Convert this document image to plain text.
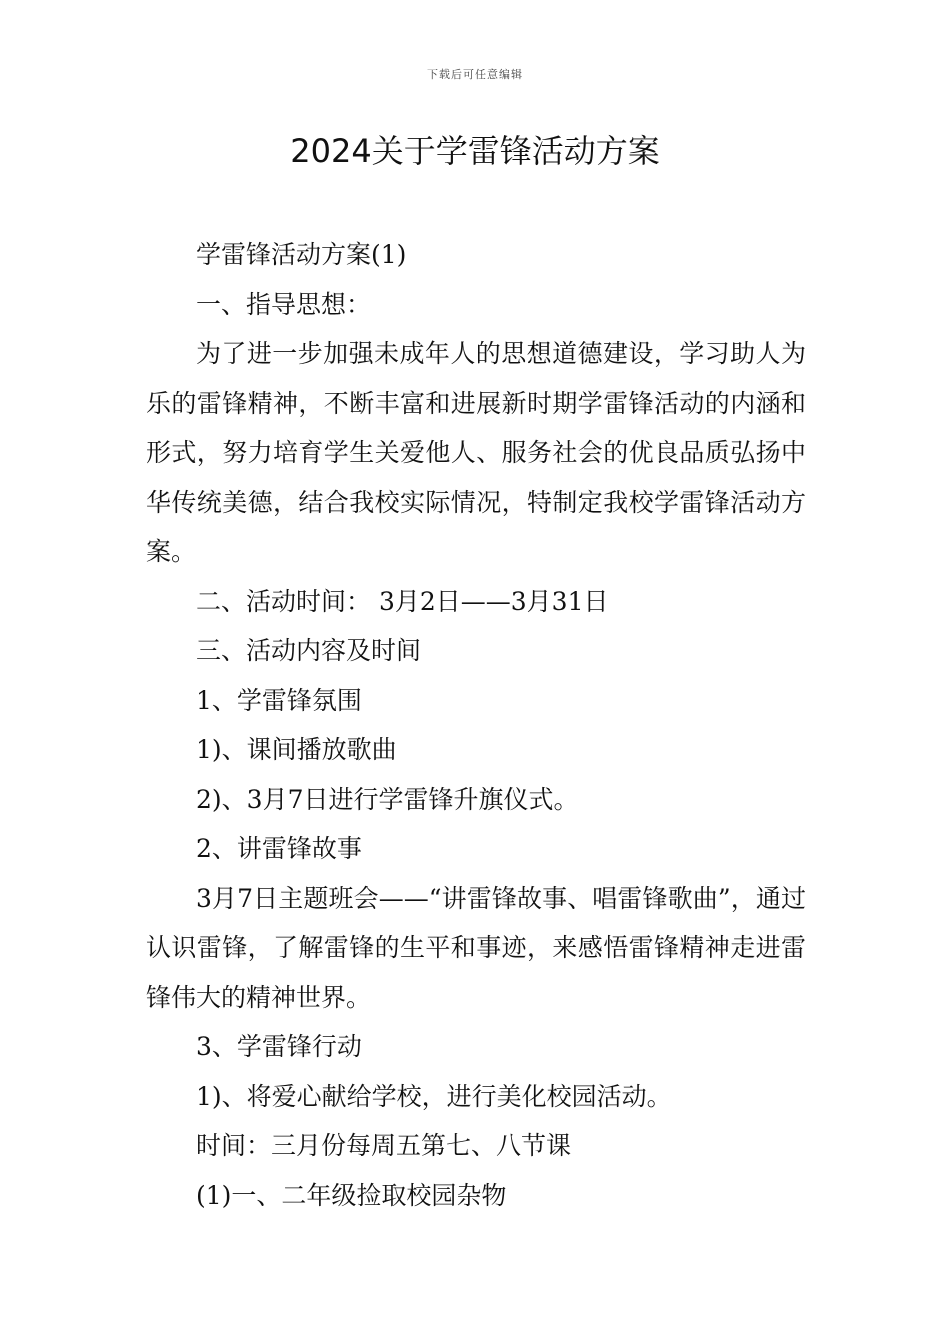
下载后可任意编辑
2024关于学雷锋活动方案

学雷锋活动方案(1)

一、指导思想：

为了进一步加强未成年人的思想道德建设，学习助人为乐的雷锋精神，不断丰富和进展新时期学雷锋活动的内涵和形式，努力培育学生关爱他人、服务社会的优良品质弘扬中华传统美德，结合我校实际情况，特制定我校学雷锋活动方案。

二、活动时间： 3月2日——3月31日

三、活动内容及时间

1、学雷锋氛围

1)、课间播放歌曲

2)、3月7日进行学雷锋升旗仪式。

2、讲雷锋故事

3月7日主题班会——“讲雷锋故事、唱雷锋歌曲”，通过认识雷锋，了解雷锋的生平和事迹，来感悟雷锋精神走进雷锋伟大的精神世界。

3、学雷锋行动

1)、将爱心献给学校，进行美化校园活动。

时间：三月份每周五第七、八节课

(1)一、二年级捡取校园杂物
